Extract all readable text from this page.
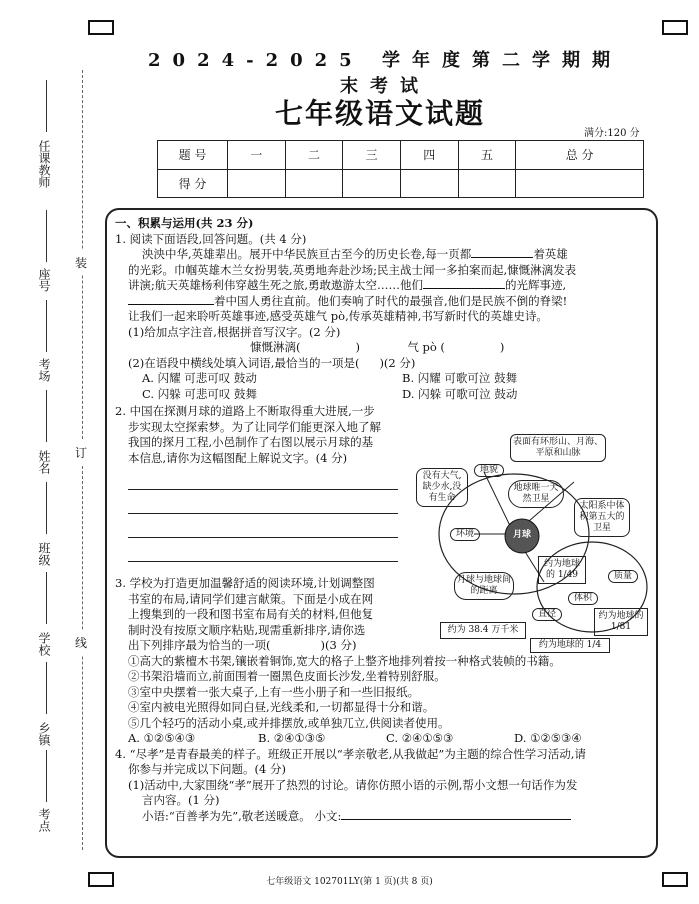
任课教师
座号
考场
姓名
班级
学校
乡镇
考点
装
订
线
2024-2025 学年度第二学期期末考试
七年级语文试题
满分:120 分
题 号	一	二	三	四	五	总 分
得 分						
一、积累与运用(共 23 分)
1. 阅读下面语段,回答问题。(共 4 分)
泱泱中华,英雄辈出。展开中华民族亘古至今的历史长卷,每一页都	着英雄
的光彩。巾帼英雄木兰女扮男装,英勇地奔赴沙场;民主战士闻一多拍案而起,慷慨淋漓发表
讲演;航天英雄杨利伟穿越生死之旅,勇敢遨游太空……他们	的光辉事迹,
着中国人勇往直前。他们奏响了时代的最强音,他们是民族不倒的脊梁!
让我们一起来聆听英雄事迹,感受英雄气 pò,传承英雄精神,书写新时代的英雄史诗。
(1)给加点字注音,根据拼音写汉字。(2 分)
慷慨淋漓(	)	气 pò (	)
(2)在语段中横线处填入词语,最恰当的一项是( )(2 分)
A. 闪耀 可悲可叹 鼓动	B. 闪耀 可歌可泣 鼓舞
C. 闪躲 可悲可叹 鼓舞	D. 闪躲 可歌可泣 鼓动
2. 中国在探测月球的道路上不断取得重大进展,一步
步实现太空探索梦。为了让同学们能更深入地了解
我国的探月工程,小邑制作了右图以展示月球的基
本信息,请你为这幅图配上解说文字。(4 分)
3. 学校为打造更加温馨舒适的阅读环境,计划调整图
书室的布局,请同学们建言献策。下面是小成在网
上搜集到的一段和图书室布局有关的材料,但他复
制时没有按原文顺序粘贴,现需重新排序,请你选
出下列排序最为恰当的一项(	)(3 分)
①高大的紫檀木书架,镶嵌着铜饰,宽大的格子上整齐地排列着按一种格式装帧的书籍。
②书架沿墙而立,前面围着一圈黑色皮面长沙发,坐着特别舒服。
③室中央摆着一张大桌子,上有一些小册子和一些旧报纸。
④室内被电光照得如同白昼,光线柔和,一切都显得十分和谐。
⑤几个轻巧的活动小桌,或并排摆放,或单独兀立,供阅读者使用。
A. ①②⑤④③	B. ②④①③⑤	C. ②④①⑤③	D. ①②⑤③④
4. “尽孝”是青春最美的样子。班级正开展以“孝亲敬老,从我做起”为主题的综合性学习活动,请
你参与并完成以下问题。(4 分)
(1)活动中,大家围绕“孝”展开了热烈的讨论。请你仿照小语的示例,帮小文想一句话作为发
言内容。(1 分)
小语:“百善孝为先”,敬老送暖意。 小文:
月球
表面有环形山、月海、平原和山脉
没有大气,缺少水,没有生命
地貌
地球唯一天然卫星
太阳系中体积第五大的卫星
环境
约为地球的 1/49	质量
月球与地球间的距离
体积
约为地球的 1/81
直径
约为 38.4 万千米
约为地球的 1/4
七年级语文 102701LY(第 1 页)(共 8 页)
